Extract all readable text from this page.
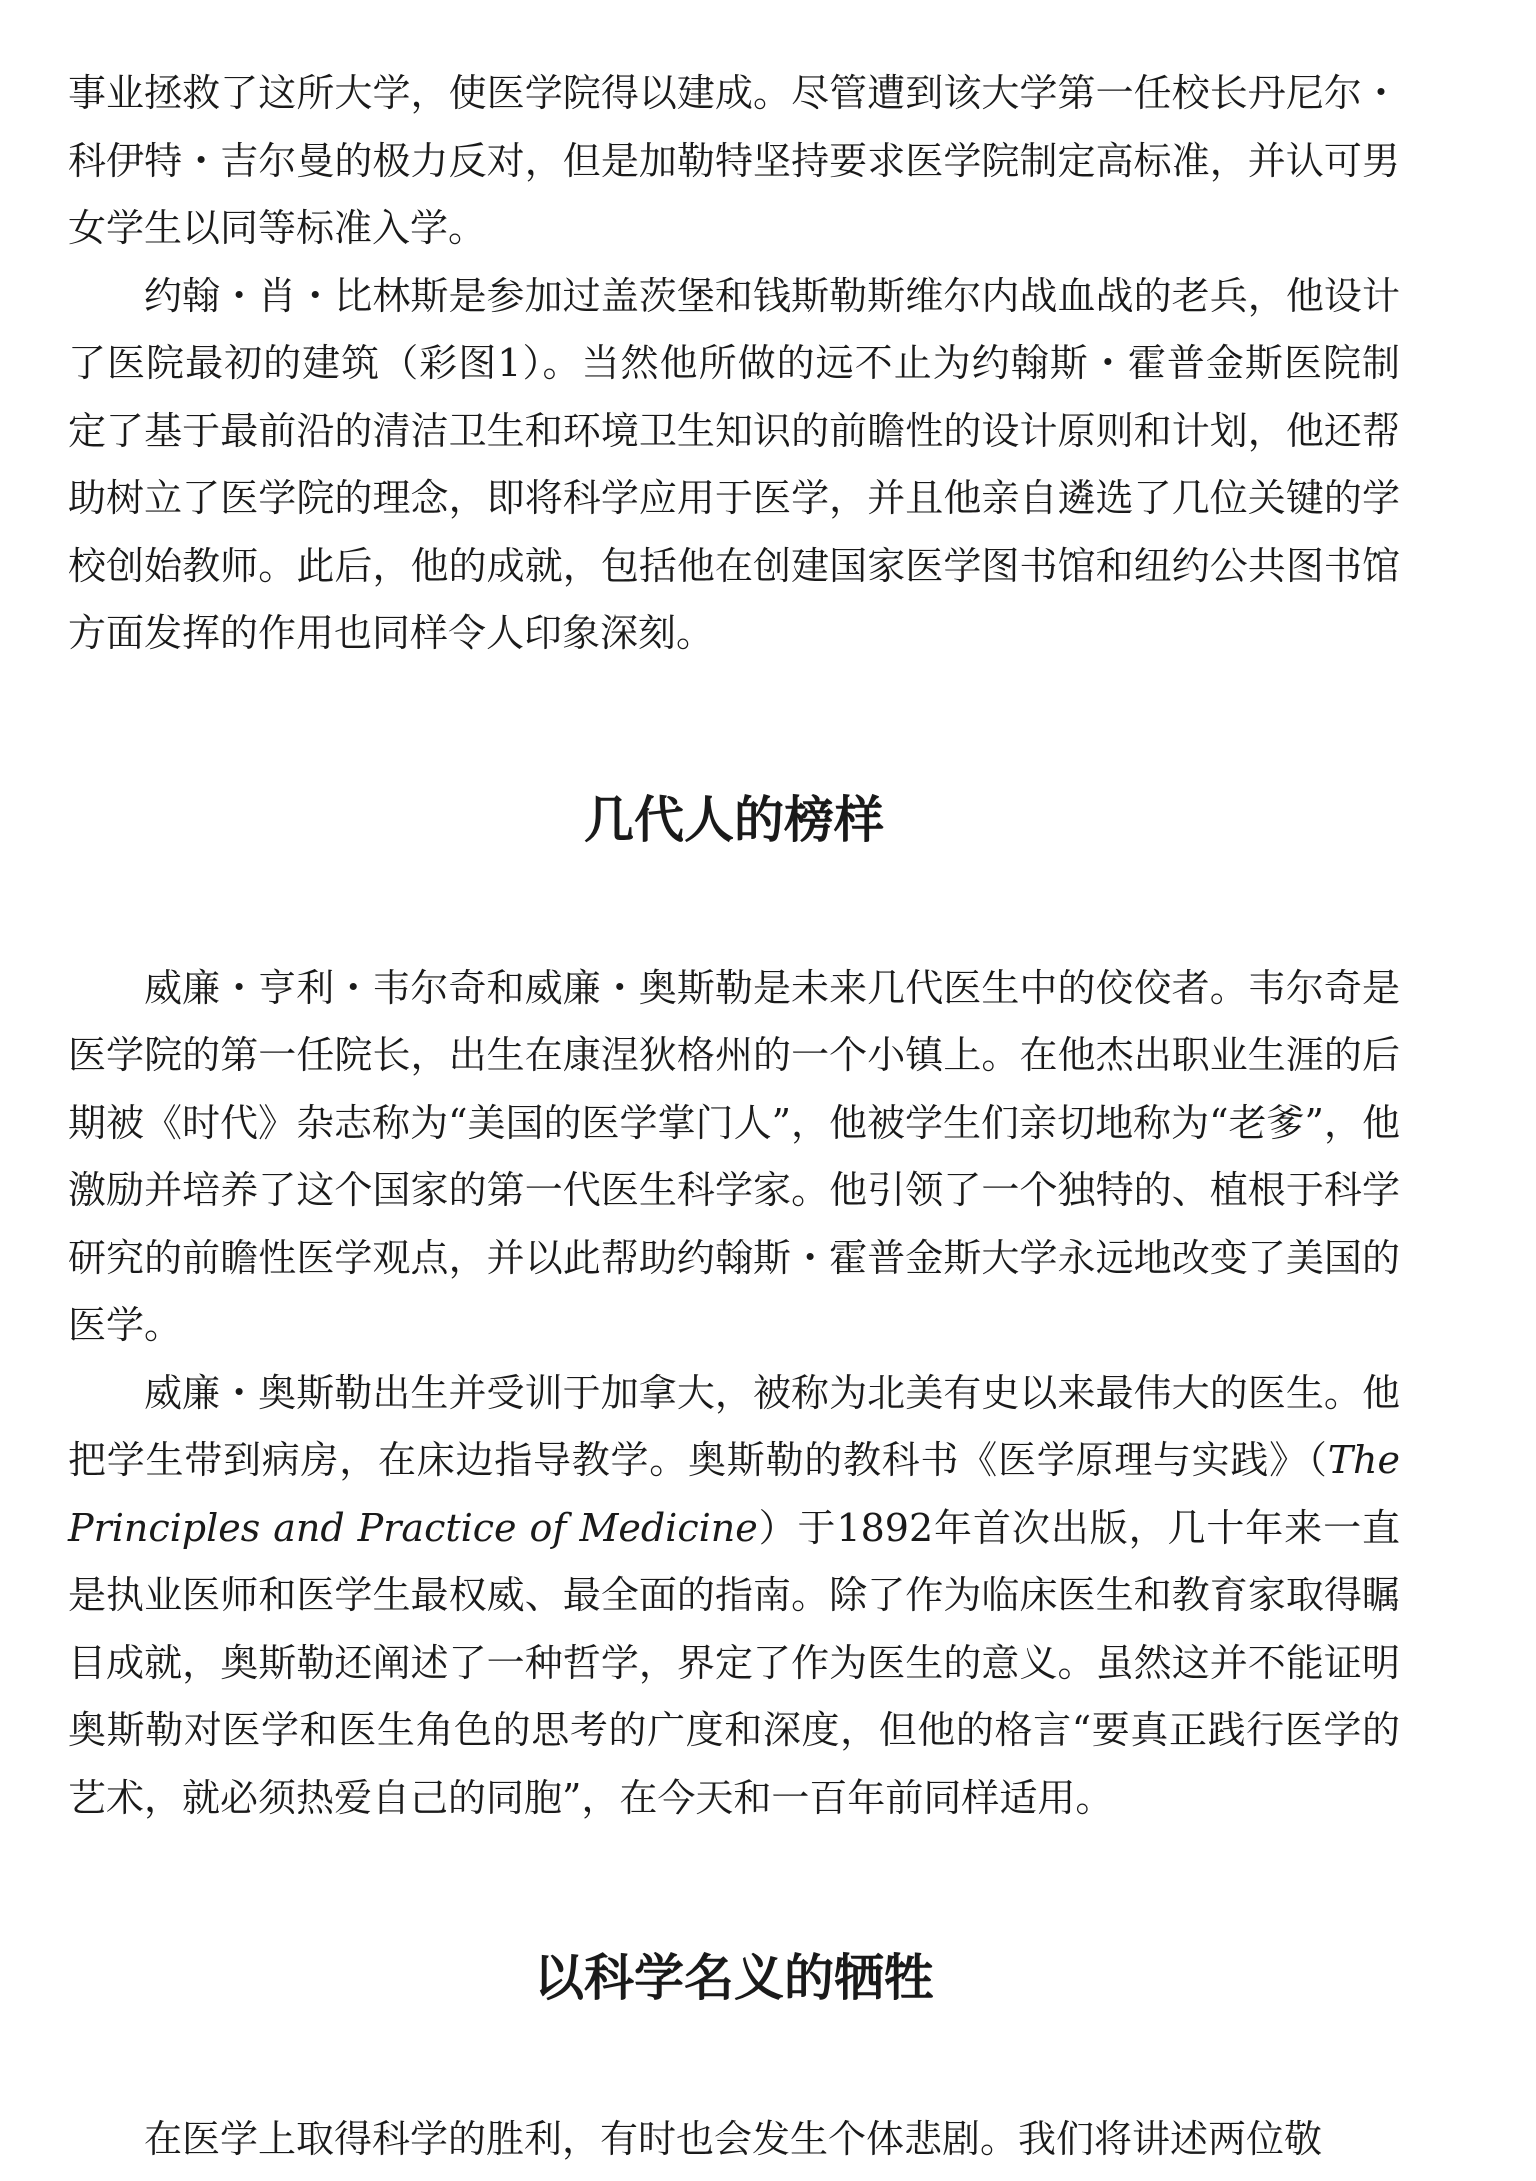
事业拯救了这所大学，使医学院得以建成。尽管遭到该大学第一任校长丹尼尔・科伊特・吉尔曼的极力反对，但是加勒特坚持要求医学院制定高标准，并认可男女学生以同等标准入学。

约翰・肖・比林斯是参加过盖茨堡和钱斯勒斯维尔内战血战的老兵，他设计了医院最初的建筑（彩图1）。当然他所做的远不止为约翰斯・霍普金斯医院制定了基于最前沿的清洁卫生和环境卫生知识的前瞻性的设计原则和计划，他还帮助树立了医学院的理念，即将科学应用于医学，并且他亲自遴选了几位关键的学校创始教师。此后，他的成就，包括他在创建国家医学图书馆和纽约公共图书馆方面发挥的作用也同样令人印象深刻。

几代人的榜样

威廉・亨利・韦尔奇和威廉・奥斯勒是未来几代医生中的佼佼者。韦尔奇是医学院的第一任院长，出生在康涅狄格州的一个小镇上。在他杰出职业生涯的后期被《时代》杂志称为“美国的医学掌门人”，他被学生们亲切地称为“老爹”，他激励并培养了这个国家的第一代医生科学家。他引领了一个独特的、植根于科学研究的前瞻性医学观点，并以此帮助约翰斯・霍普金斯大学永远地改变了美国的医学。

威廉・奥斯勒出生并受训于加拿大，被称为北美有史以来最伟大的医生。他把学生带到病房，在床边指导教学。奥斯勒的教科书《医学原理与实践》（The Principles and Practice of Medicine）于1892年首次出版，几十年来一直是执业医师和医学生最权威、最全面的指南。除了作为临床医生和教育家取得瞩目成就，奥斯勒还阐述了一种哲学，界定了作为医生的意义。虽然这并不能证明奥斯勒对医学和医生角色的思考的广度和深度，但他的格言“要真正践行医学的艺术，就必须热爱自己的同胞”，在今天和一百年前同样适用。

以科学名义的牺牲

在医学上取得科学的胜利，有时也会发生个体悲剧。我们将讲述两位敬
